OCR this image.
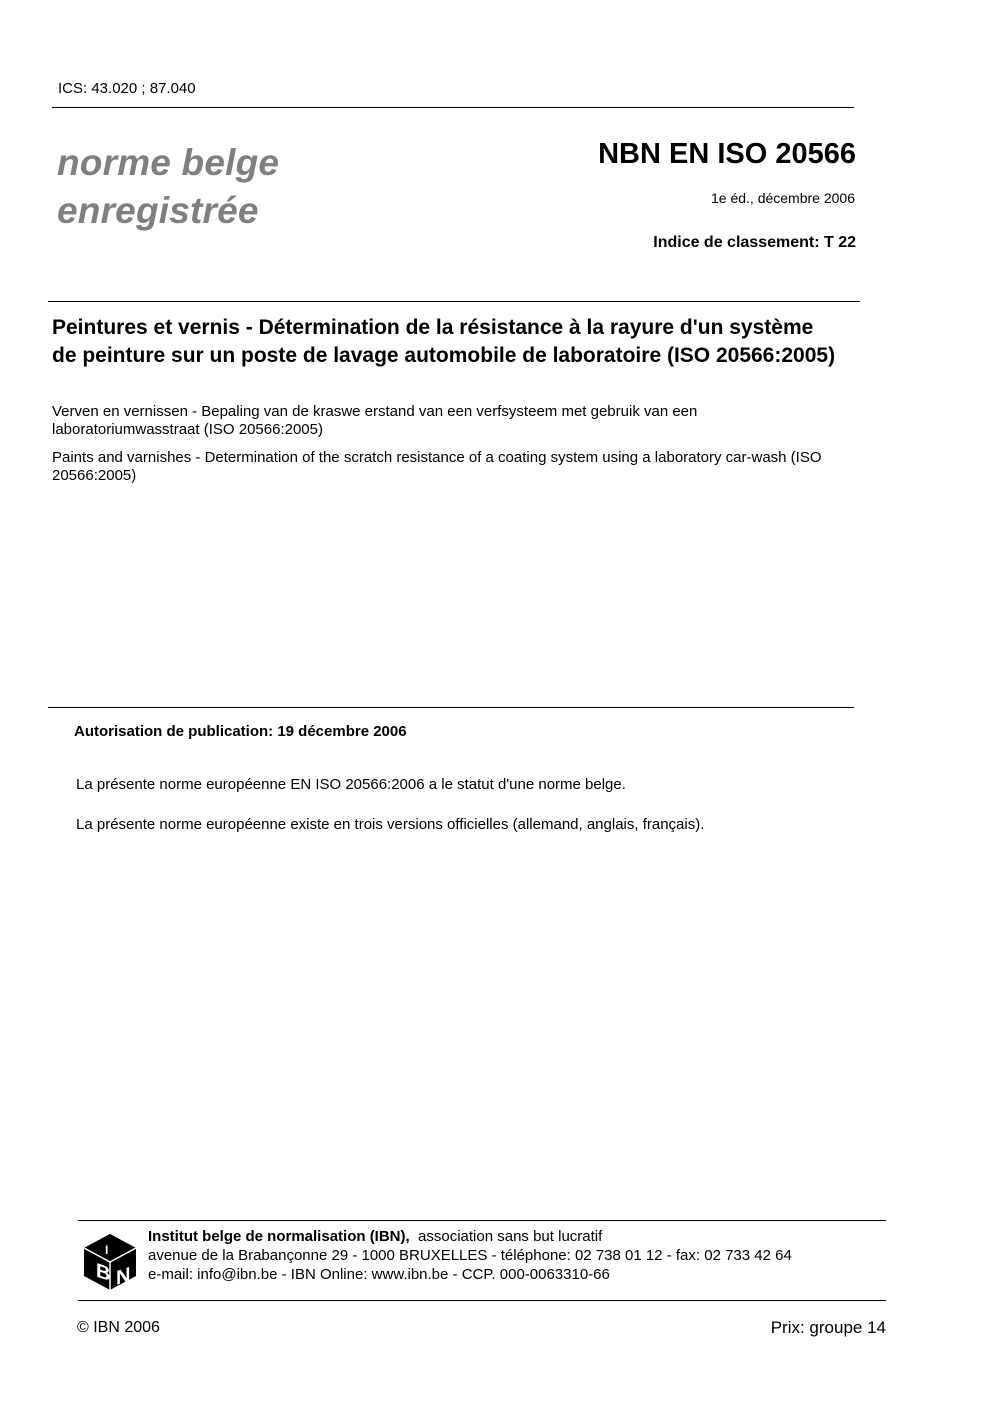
ICS: 43.020 ; 87.040
norme belge
enregistrée
NBN EN ISO 20566
1e éd., décembre 2006
Indice de classement: T 22
Peintures et vernis - Détermination de la résistance à la rayure d'un système de peinture sur un poste de lavage automobile de laboratoire (ISO 20566:2005)
Verven en vernissen - Bepaling van de kraswe erstand van een verfsysteem met gebruik van een laboratoriumwasstraat (ISO 20566:2005)
Paints and varnishes - Determination of the scratch resistance of a coating system using a laboratory car-wash (ISO 20566:2005)
Autorisation de publication: 19 décembre 2006
La présente norme européenne EN ISO 20566:2006 a le statut d'une norme belge.
La présente norme européenne existe en trois versions officielles (allemand, anglais, français).
B N
I
Institut belge de normalisation (IBN), association sans but lucratif
avenue de la Brabançonne 29 - 1000 BRUXELLES - téléphone: 02 738 01 12 - fax: 02 733 42 64
e-mail: info@ibn.be - IBN Online: www.ibn.be - CCP. 000-0063310-66
© IBN 2006	Prix: groupe 14
